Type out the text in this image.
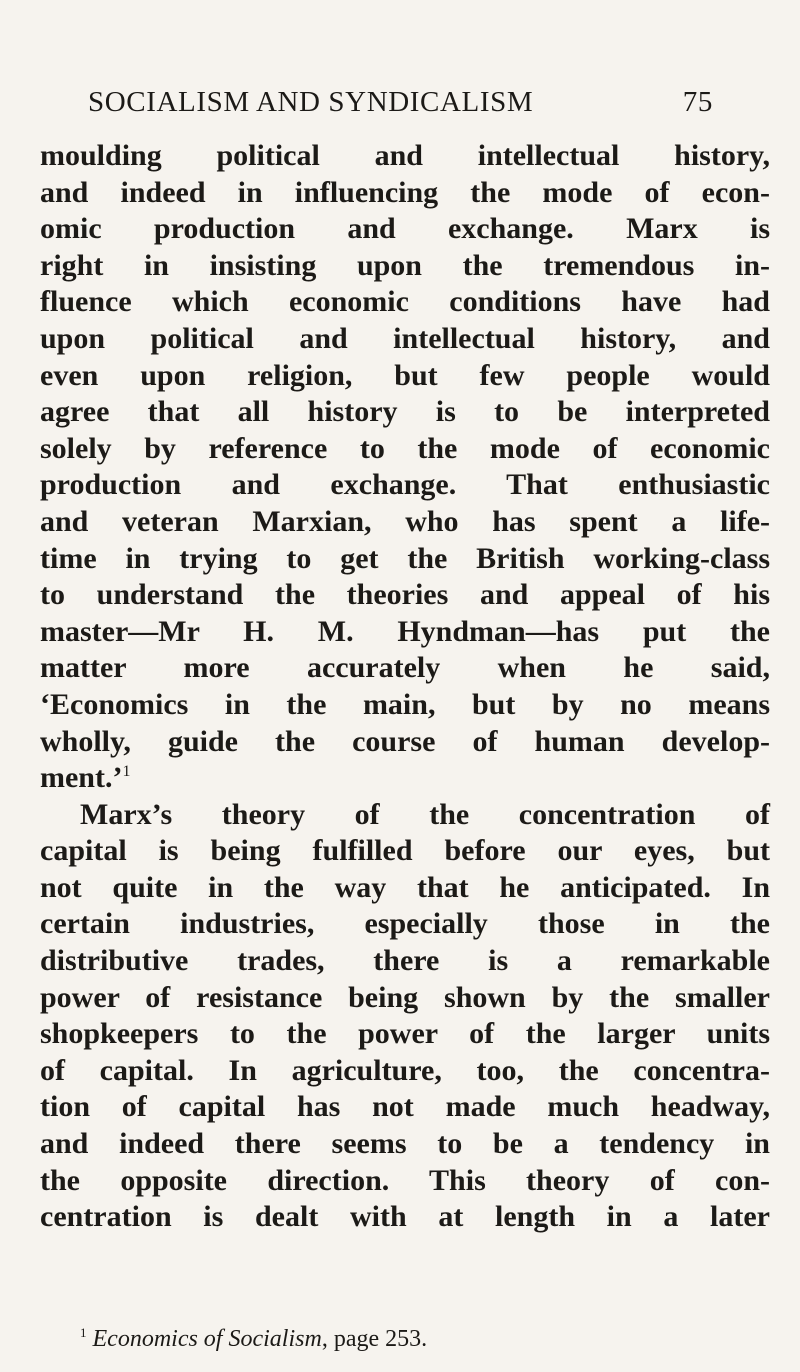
SOCIALISM AND SYNDICALISM	75
moulding political and intellectual history,
and indeed in influencing the mode of econ-
omic production and exchange. Marx is
right in insisting upon the tremendous in-
fluence which economic conditions have had
upon political and intellectual history, and
even upon religion, but few people would
agree that all history is to be interpreted
solely by reference to the mode of economic
production and exchange. That enthusiastic
and veteran Marxian, who has spent a life-
time in trying to get the British working-class
to understand the theories and appeal of his
master—Mr H. M. Hyndman—has put the
matter more accurately when he said,
‘Economics in the main, but by no means
wholly, guide the course of human develop-
ment.’$^1$
Marx’s theory of the concentration of
capital is being fulfilled before our eyes, but
not quite in the way that he anticipated. In
certain industries, especially those in the
distributive trades, there is a remarkable
power of resistance being shown by the smaller
shopkeepers to the power of the larger units
of capital. In agriculture, too, the concentra-
tion of capital has not made much headway,
and indeed there seems to be a tendency in
the opposite direction. This theory of con-
centration is dealt with at length in a later
$^1$ Economics of Socialism, page 253.
